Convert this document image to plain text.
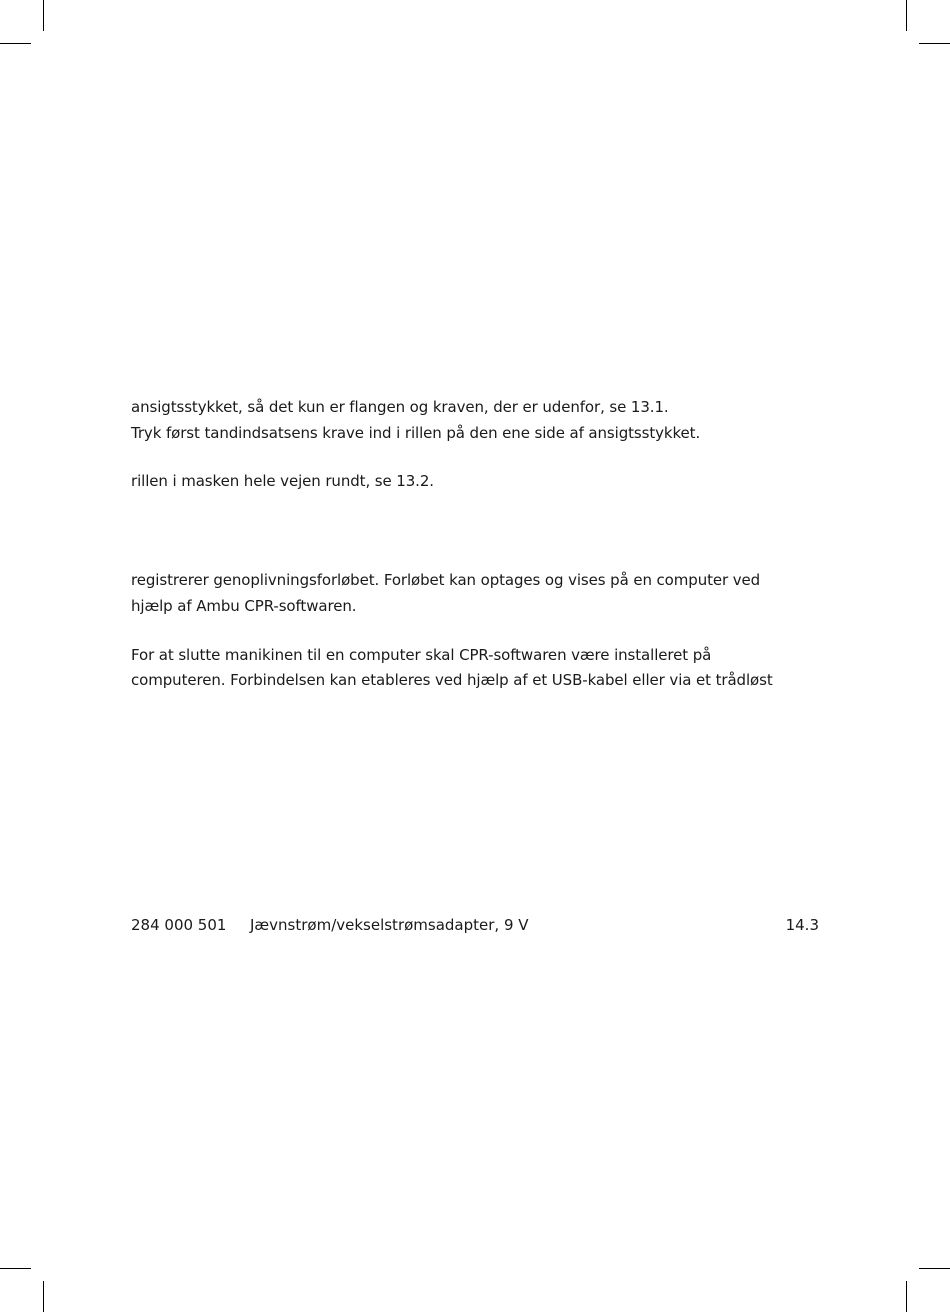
ansigtsstykket, så det kun er flangen og kraven, der er udenfor, se 13.1.
Tryk først tandindsatsens krave ind i rillen på den ene side af ansigtsstykket.
rillen i masken hele vejen rundt, se 13.2.
registrerer genoplivningsforløbet. Forløbet kan optages og vises på en computer ved
hjælp af Ambu CPR-softwaren.
For at slutte manikinen til en computer skal CPR-softwaren være installeret på
computeren. Forbindelsen kan etableres ved hjælp af et USB-kabel eller via et trådløst
284 000 501 Jævnstrøm/vekselstrømsadapter, 9 V	14.3
